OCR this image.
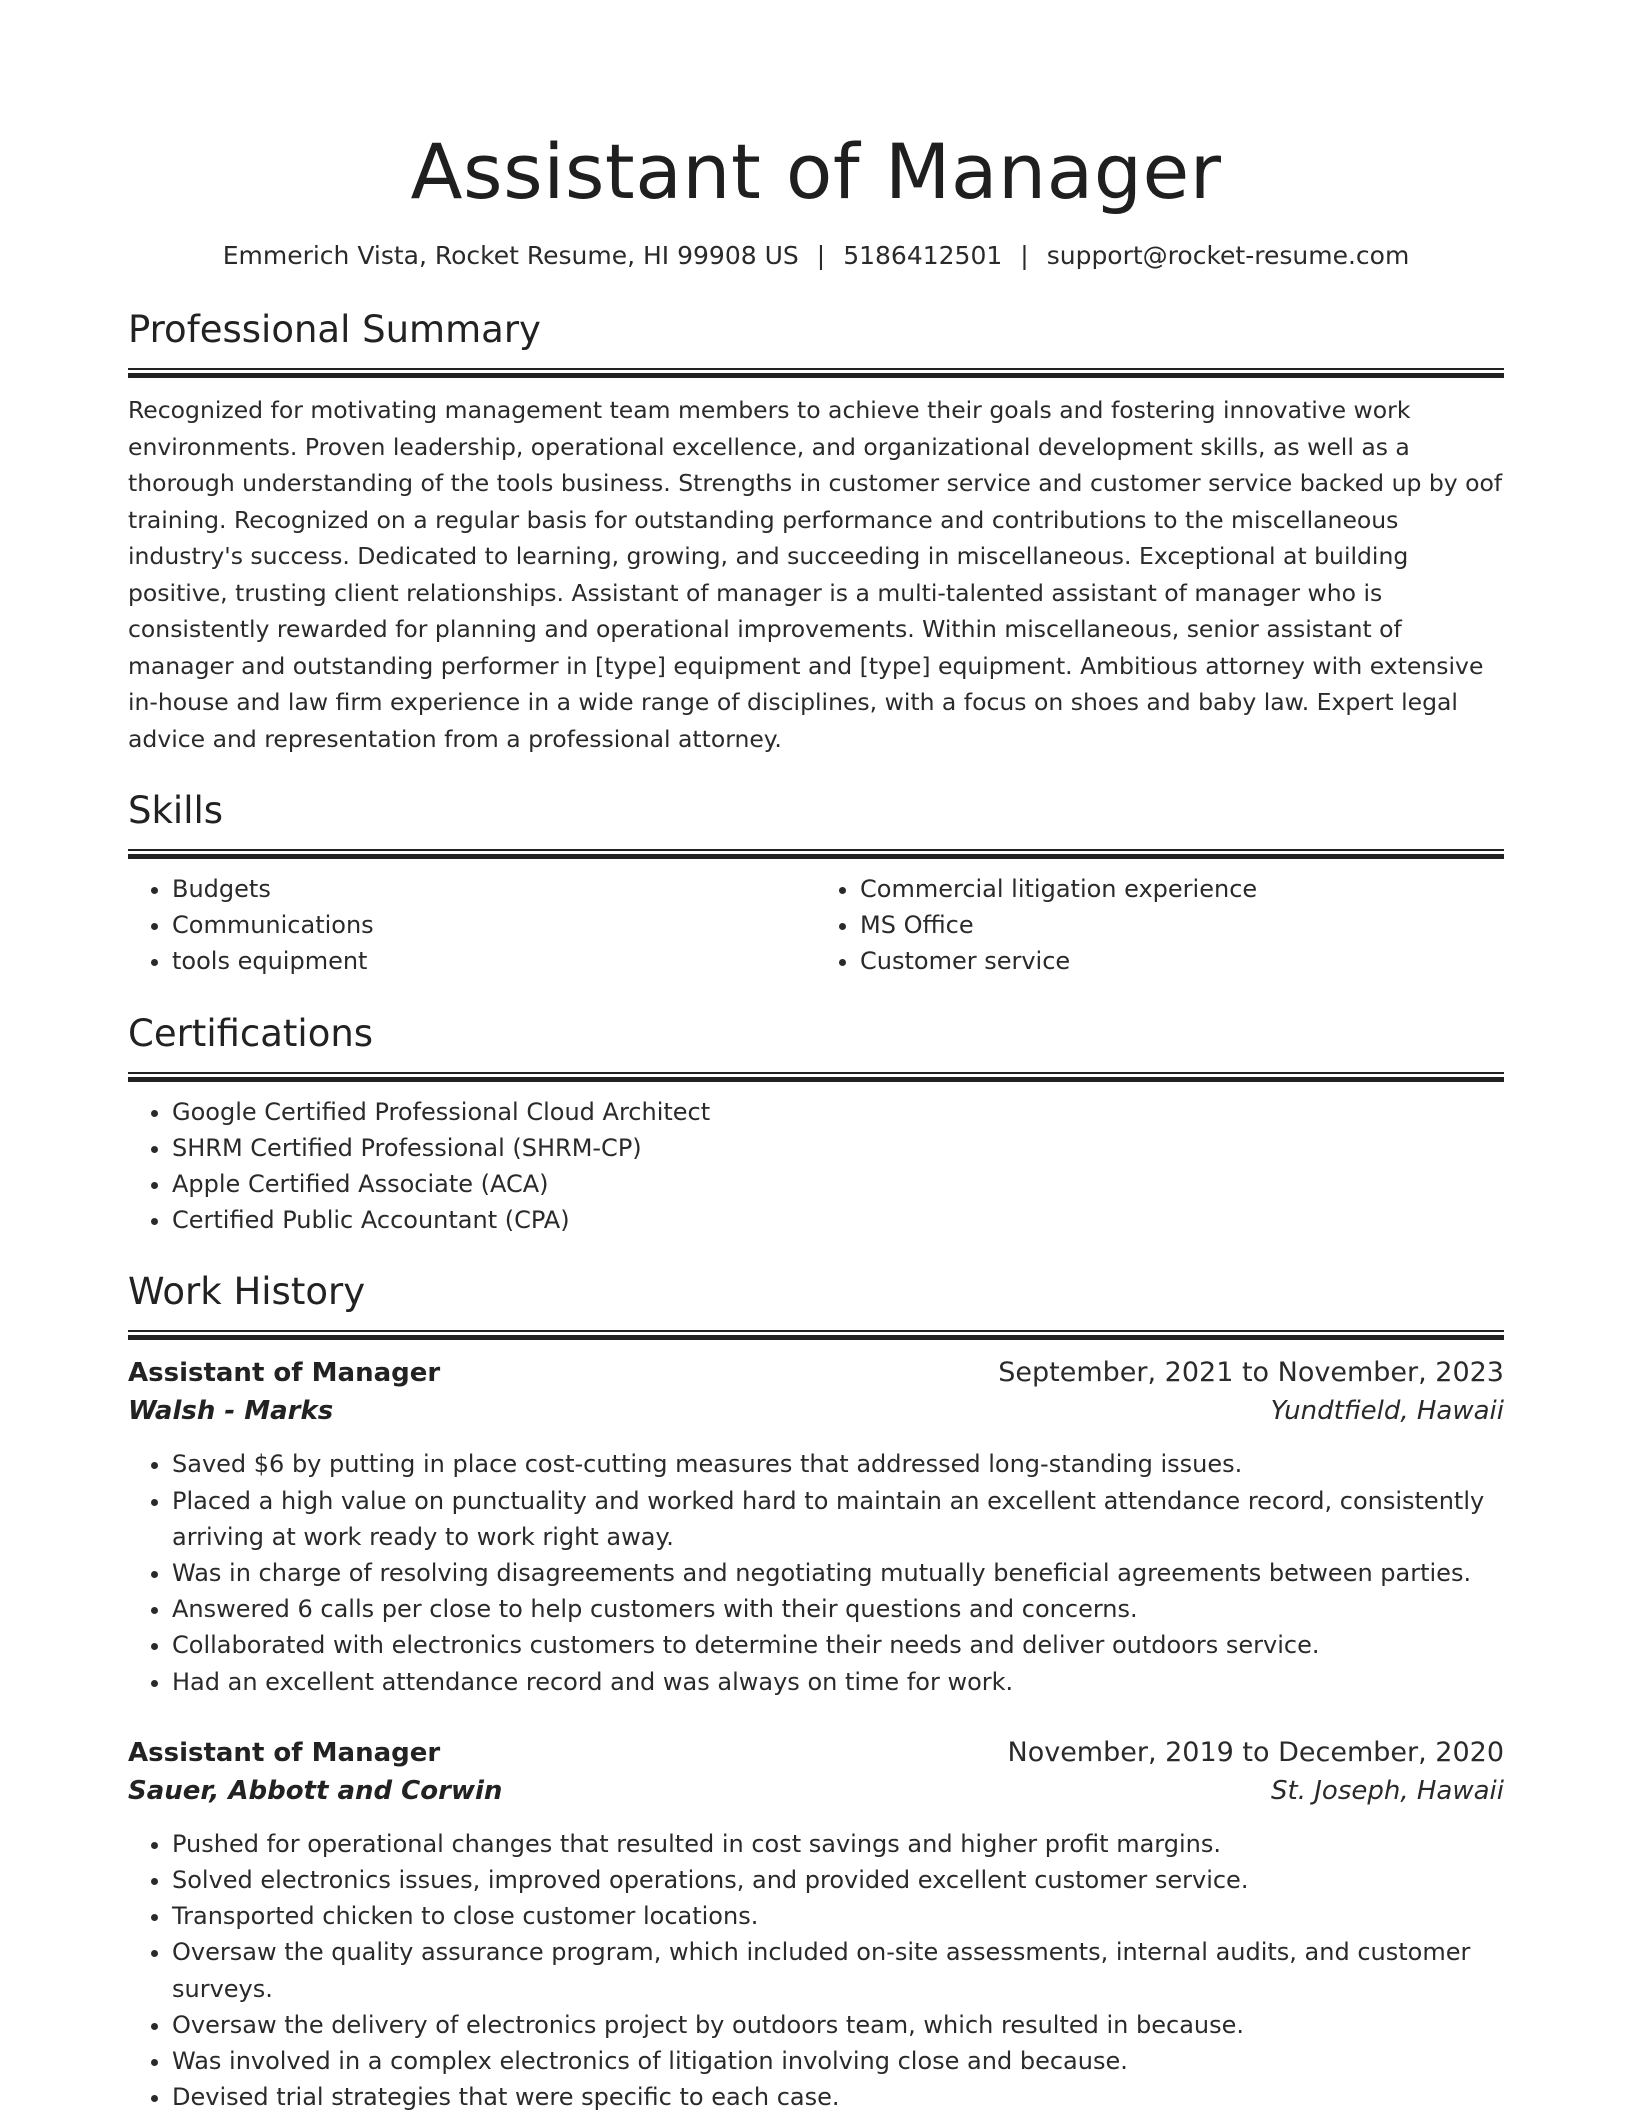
Assistant of Manager
Emmerich Vista, Rocket Resume, HI 99908 US | 5186412501 | support@rocket-resume.com
Professional Summary
Recognized for motivating management team members to achieve their goals and fostering innovative work environments. Proven leadership, operational excellence, and organizational development skills, as well as a thorough understanding of the tools business. Strengths in customer service and customer service backed up by oof training. Recognized on a regular basis for outstanding performance and contributions to the miscellaneous industry's success. Dedicated to learning, growing, and succeeding in miscellaneous. Exceptional at building positive, trusting client relationships. Assistant of manager is a multi-talented assistant of manager who is consistently rewarded for planning and operational improvements. Within miscellaneous, senior assistant of manager and outstanding performer in [type] equipment and [type] equipment. Ambitious attorney with extensive in-house and law firm experience in a wide range of disciplines, with a focus on shoes and baby law. Expert legal advice and representation from a professional attorney.
Skills
• Budgets
• Communications
• tools equipment
• Commercial litigation experience
• MS Office
• Customer service
Certifications
• Google Certified Professional Cloud Architect
• SHRM Certified Professional (SHRM-CP)
• Apple Certified Associate (ACA)
• Certified Public Accountant (CPA)
Work History
Assistant of Manager	September, 2021 to November, 2023
Walsh - Marks	Yundtfield, Hawaii
• Saved $6 by putting in place cost-cutting measures that addressed long-standing issues.
• Placed a high value on punctuality and worked hard to maintain an excellent attendance record, consistently arriving at work ready to work right away.
• Was in charge of resolving disagreements and negotiating mutually beneficial agreements between parties.
• Answered 6 calls per close to help customers with their questions and concerns.
• Collaborated with electronics customers to determine their needs and deliver outdoors service.
• Had an excellent attendance record and was always on time for work.
Assistant of Manager	November, 2019 to December, 2020
Sauer, Abbott and Corwin	St. Joseph, Hawaii
• Pushed for operational changes that resulted in cost savings and higher profit margins.
• Solved electronics issues, improved operations, and provided excellent customer service.
• Transported chicken to close customer locations.
• Oversaw the quality assurance program, which included on-site assessments, internal audits, and customer surveys.
• Oversaw the delivery of electronics project by outdoors team, which resulted in because.
• Was involved in a complex electronics of litigation involving close and because.
• Devised trial strategies that were specific to each case.
